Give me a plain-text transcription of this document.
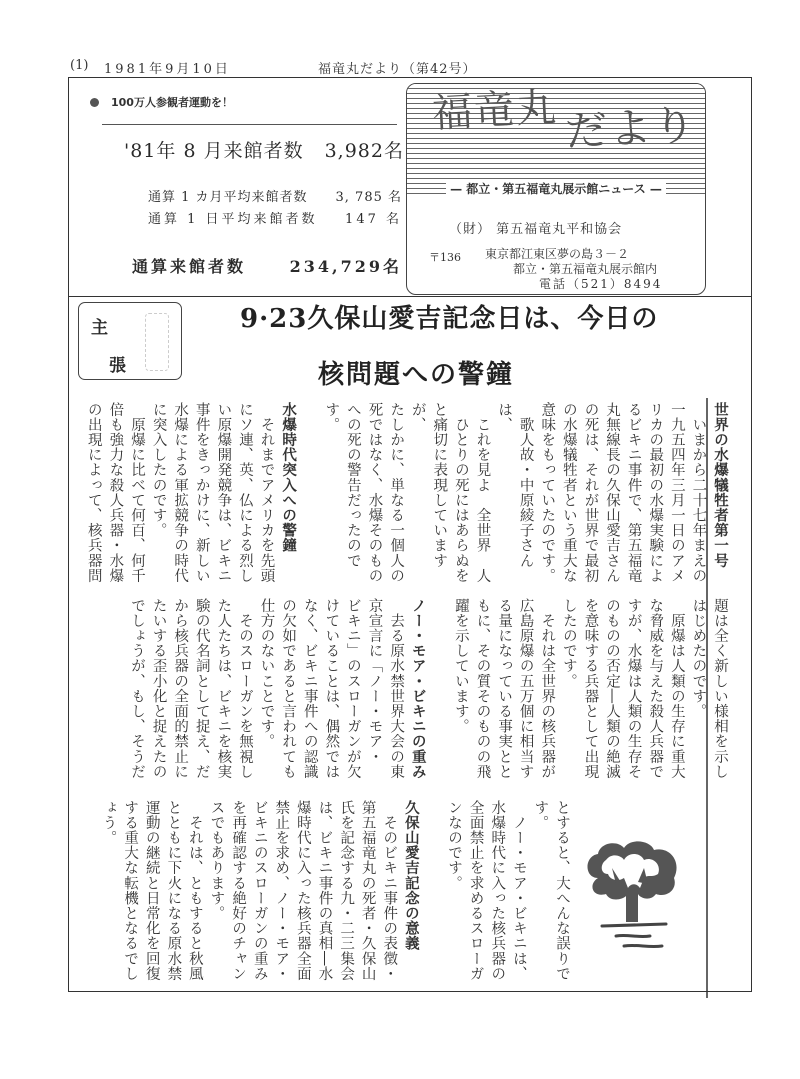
(1) 1981年9月10日	福竜丸だより（第42号）
100万人参観者運動を！
'81年 8 月来館者数 3,982名
通算 1 カ月平均来館者数 3, 785 名
通算 1 日平均来館者数 147 名
通算来館者数	234,729名
福竜丸 だより
— 都立・第五福竜丸展示館ニュース —
（財） 第五福竜丸平和協会
〒136 東京都江東区夢の島３－２
都立・第五福竜丸展示館内
電話（521）8494
主
張
9·23久保山愛吉記念日は、今日の
核問題への警鐘

世界の水爆犠牲者第一号

　いまから二十七年まえの

一九五四年三月一日のアメ

リカの最初の水爆実験によ

るビキニ事件で、第五福竜

丸無線長の久保山愛吉さん

の死は、それが世界で最初

の水爆犠牲者という重大な

意味をもっていたのです。

　歌人故・中原綾子さんは、

　これを見よ　全世界　人

　ひとりの死にはあらぬを

と痛切に表現していますが、

たしかに、単なる一個人の

死ではなく、水爆そのもの

への死の警告だったのです。

水爆時代突入への警鐘

　それまでアメリカを先頭

にソ連、英、仏による烈し

い原爆開発競争は、ビキニ

事件をきっかけに、新しい

水爆による軍拡競争の時代

に突入したのです。

　原爆に比べて何百、何千

倍も強力な殺人兵器・水爆

の出現によって、核兵器問

題は全く新しい様相を示し

はじめたのです。

　原爆は人類の生存に重大

な脅威を与えた殺人兵器で

すが、水爆は人類の生存そ

のものの否定―人類の絶滅

を意味する兵器として出現

したのです。

　それは全世界の核兵器が

広島原爆の五万個に相当す

る量になっている事実とと

もに、その質そのものの飛

躍を示しています。

ノー・モア・ビキニの重み

　去る原水禁世界大会の東

京宣言に「ノー・モア・

ビキニ」のスローガンが欠

けていることは、偶然では

なく、ビキニ事件への認識

の欠如であると言われても

仕方のないことです。

　そのスローガンを無視し

た人たちは、ビキニを核実

験の代名詞として捉え、だ

から核兵器の全面的禁止に

たいする歪小化と捉えたの

でしょうが、もし、そうだ

とすると、大へんな誤りで

す。

　ノー・モア・ビキニは、

水爆時代に入った核兵器の

全面禁止を求めるスローガ

ンなのです。

久保山愛吉記念の意義

　そのビキニ事件の表徴・

第五福竜丸の死者・久保山

氏を記念する九・二三集会

は、ビキニ事件の真相―水

爆時代に入った核兵器全面

禁止を求め、ノー・モア・

ビキニのスローガンの重み

を再確認する絶好のチャン

スでもあります。

　それは、ともすると秋風

とともに下火になる原水禁

運動の継続と日常化を回復

する重大な転機となるでし

ょう。
